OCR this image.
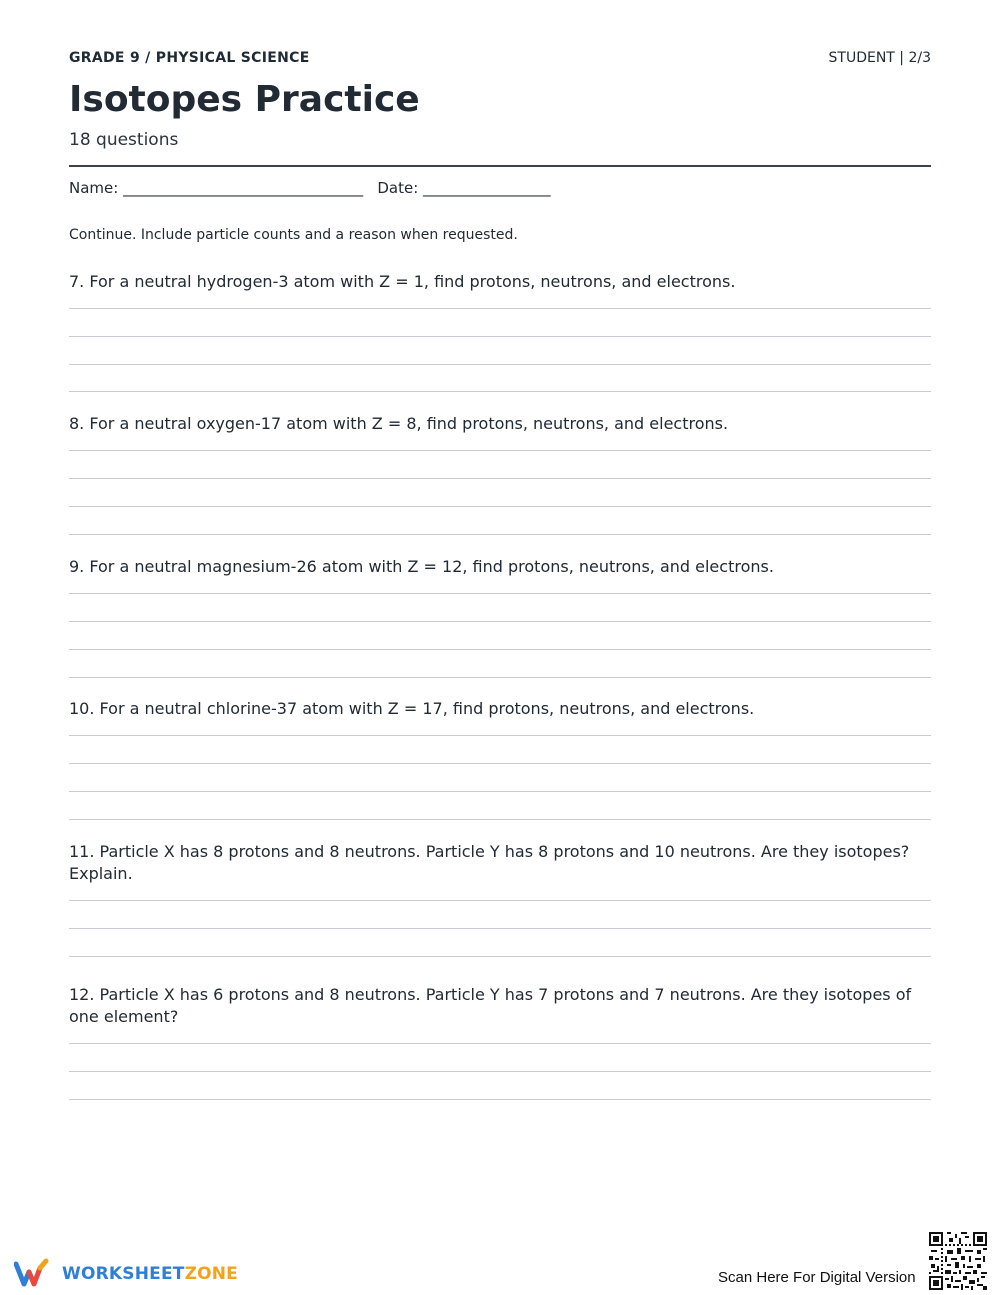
GRADE 9 / PHYSICAL SCIENCE	STUDENT | 2/3
Isotopes Practice
18 questions
Name: ________________________________   Date: _________________
Continue. Include particle counts and a reason when requested.

7. For a neutral hydrogen-3 atom with Z = 1, find protons, neutrons, and electrons.

8. For a neutral oxygen-17 atom with Z = 8, find protons, neutrons, and electrons.

9. For a neutral magnesium-26 atom with Z = 12, find protons, neutrons, and electrons.

10. For a neutral chlorine-37 atom with Z = 17, find protons, neutrons, and electrons.

11. Particle X has 8 protons and 8 neutrons. Particle Y has 8 protons and 10 neutrons. Are they isotopes? Explain.

12. Particle X has 6 protons and 8 neutrons. Particle Y has 7 protons and 7 neutrons. Are they isotopes of one element?

WORKSHEETZONE	Scan Here For Digital Version
